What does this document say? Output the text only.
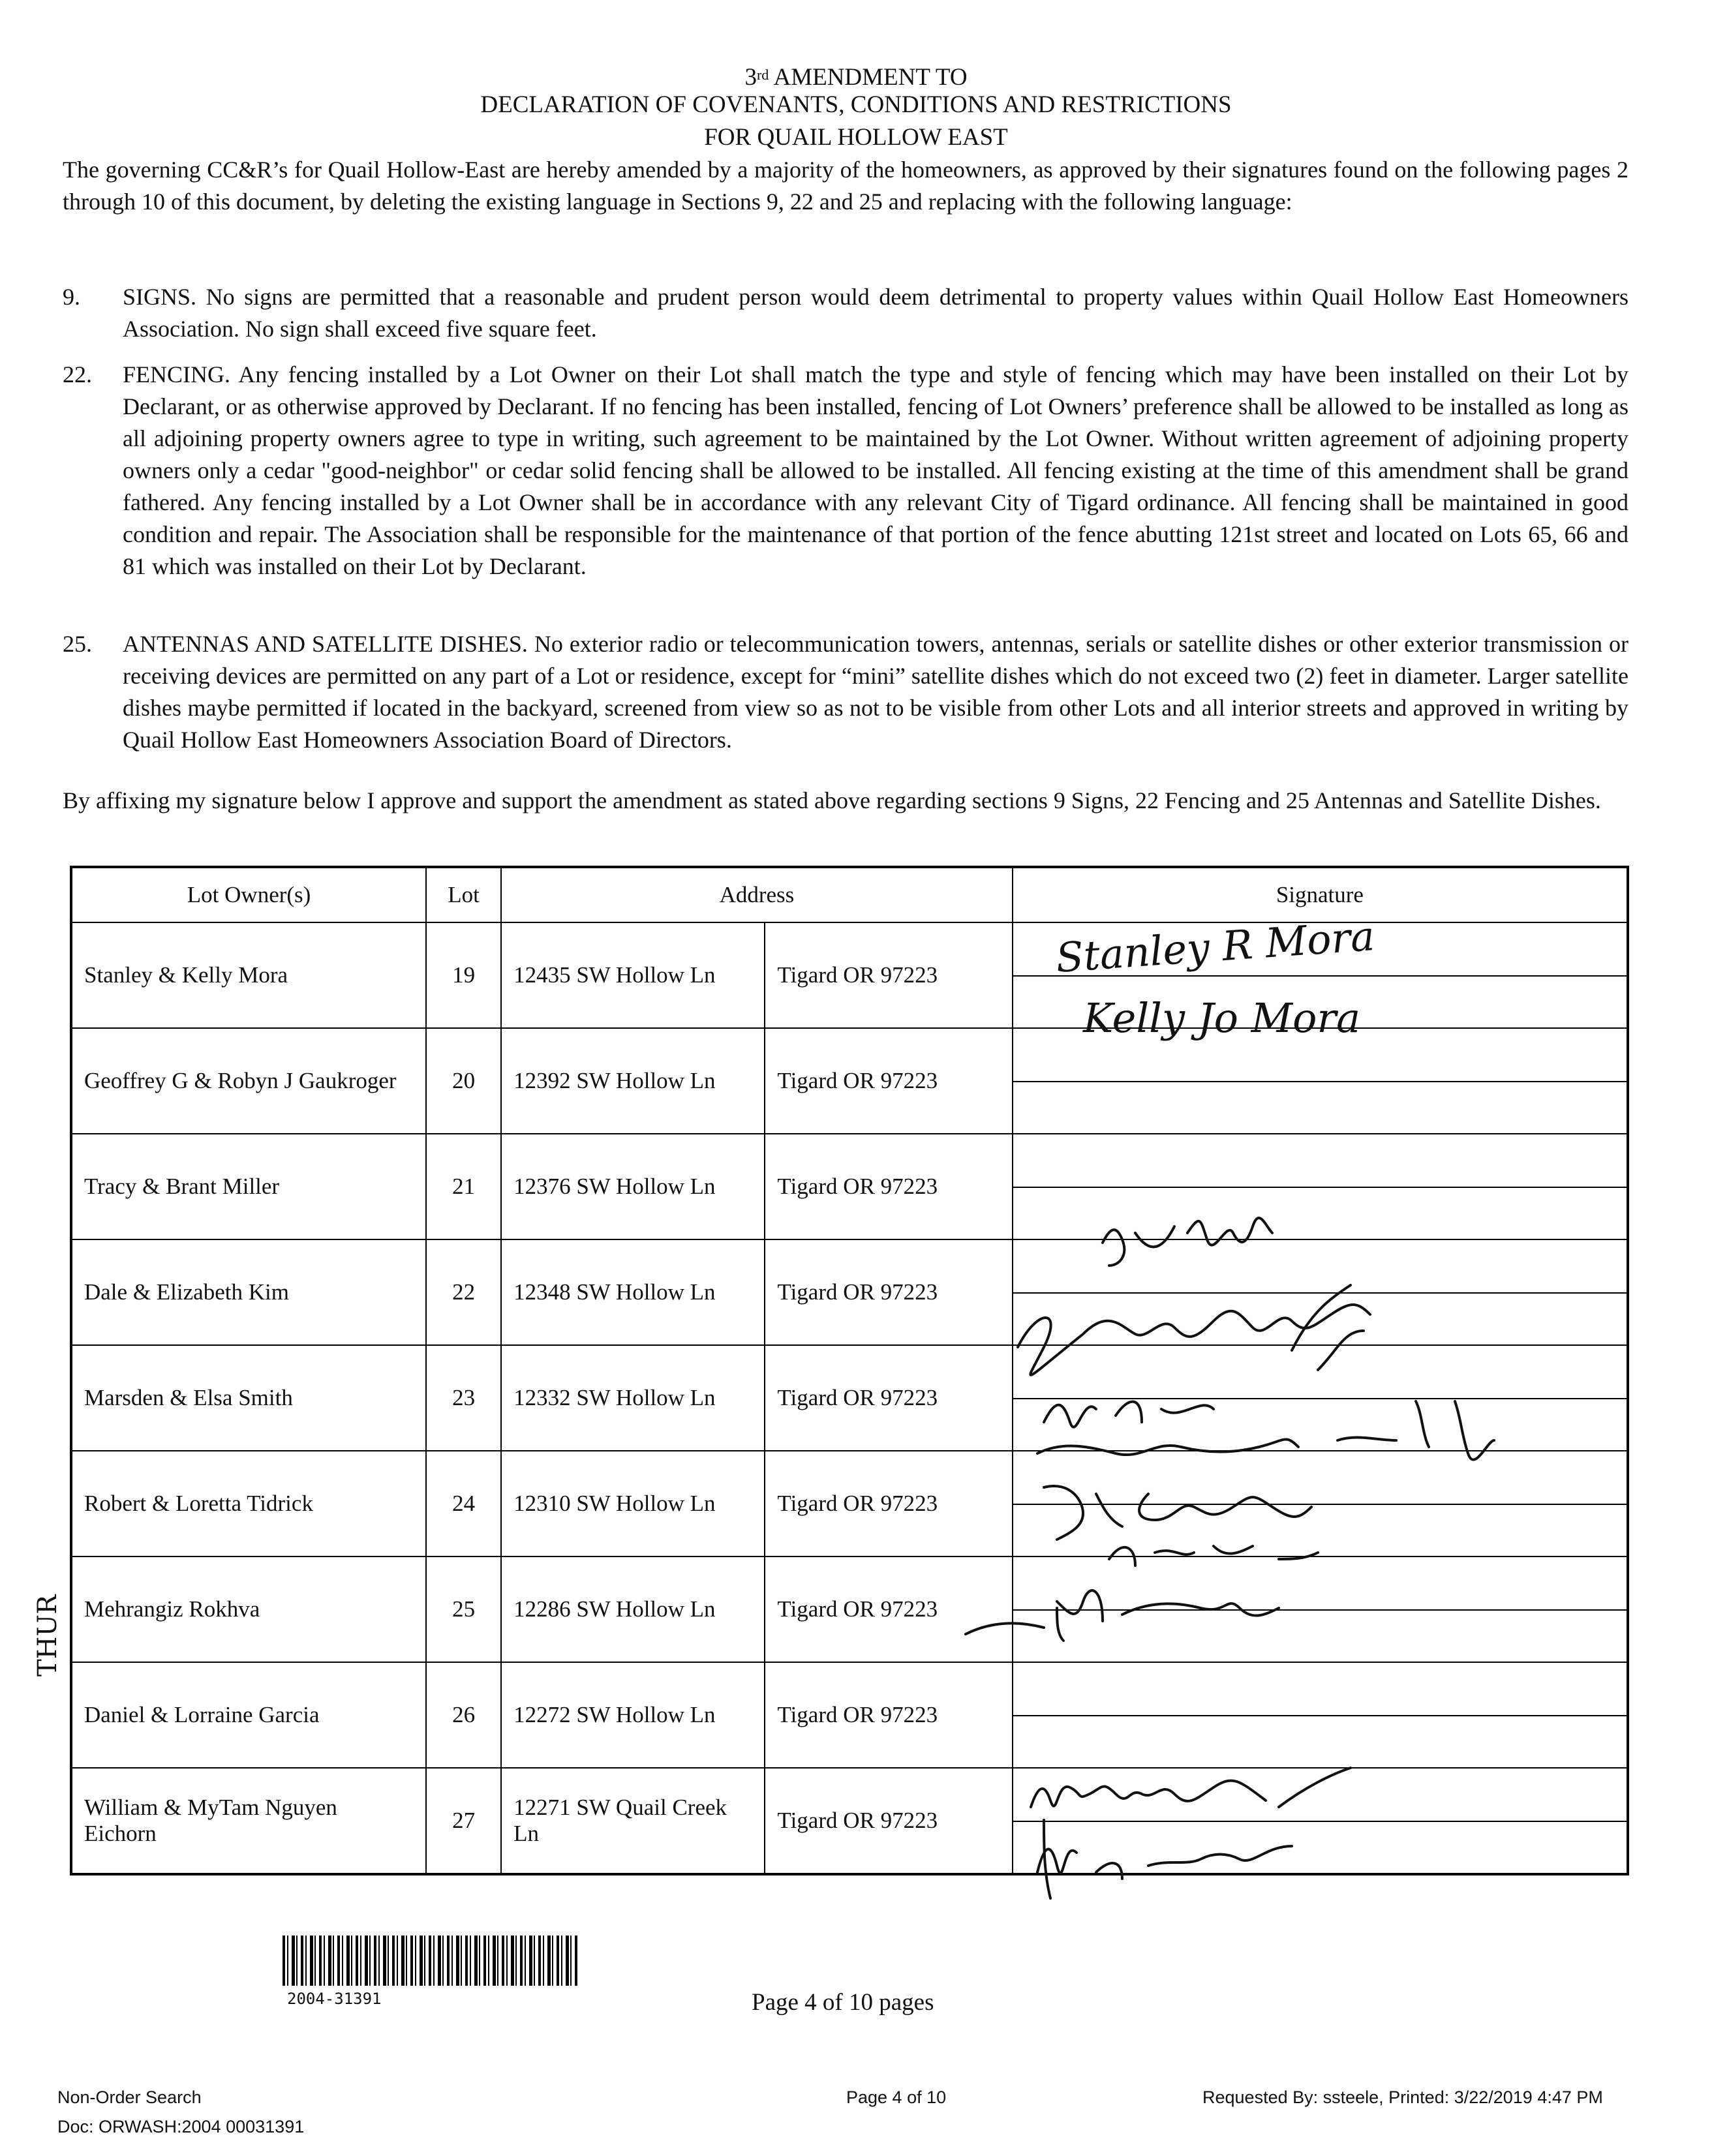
3rd AMENDMENT TO
DECLARATION OF COVENANTS, CONDITIONS AND RESTRICTIONS
FOR QUAIL HOLLOW EAST
The governing CC&R’s for Quail Hollow-East are hereby amended by a majority of the homeowners, as approved by their signatures found on the following pages 2 through 10 of this document, by deleting the existing language in Sections 9, 22 and 25 and replacing with the following language:
9. SIGNS. No signs are permitted that a reasonable and prudent person would deem detrimental to property values within Quail Hollow East Homeowners Association. No sign shall exceed five square feet.
22. FENCING. Any fencing installed by a Lot Owner on their Lot shall match the type and style of fencing which may have been installed on their Lot by Declarant, or as otherwise approved by Declarant. If no fencing has been installed, fencing of Lot Owners’ preference shall be allowed to be installed as long as all adjoining property owners agree to type in writing, such agreement to be maintained by the Lot Owner. Without written agreement of adjoining property owners only a cedar "good-neighbor" or cedar solid fencing shall be allowed to be installed. All fencing existing at the time of this amendment shall be grand fathered. Any fencing installed by a Lot Owner shall be in accordance with any relevant City of Tigard ordinance. All fencing shall be maintained in good condition and repair. The Association shall be responsible for the maintenance of that portion of the fence abutting 121st street and located on Lots 65, 66 and 81 which was installed on their Lot by Declarant.
25. ANTENNAS AND SATELLITE DISHES. No exterior radio or telecommunication towers, antennas, serials or satellite dishes or other exterior transmission or receiving devices are permitted on any part of a Lot or residence, except for “mini” satellite dishes which do not exceed two (2) feet in diameter. Larger satellite dishes maybe permitted if located in the backyard, screened from view so as not to be visible from other Lots and all interior streets and approved in writing by Quail Hollow East Homeowners Association Board of Directors.
By affixing my signature below I approve and support the amendment as stated above regarding sections 9 Signs, 22 Fencing and 25 Antennas and Satellite Dishes.
Lot Owner(s)	Lot	Address		Signature
Stanley & Kelly Mora	19	12435 SW Hollow Ln	Tigard OR 97223	

Geoffrey G & Robyn J Gaukroger	20	12392 SW Hollow Ln	Tigard OR 97223	

Tracy & Brant Miller	21	12376 SW Hollow Ln	Tigard OR 97223	

Dale & Elizabeth Kim	22	12348 SW Hollow Ln	Tigard OR 97223	

Marsden & Elsa Smith	23	12332 SW Hollow Ln	Tigard OR 97223	

Robert & Loretta Tidrick	24	12310 SW Hollow Ln	Tigard OR 97223	

Mehrangiz Rokhva	25	12286 SW Hollow Ln	Tigard OR 97223	

Daniel & Lorraine Garcia	26	12272 SW Hollow Ln	Tigard OR 97223	

William & MyTam Nguyen Eichorn	27	12271 SW Quail Creek Ln	Tigard OR 97223	
Stanley R Mora
Kelly Jo Mora
THUR
2004-31391	Page 4 of 10 pages
Non-Order Search
Doc: ORWASH:2004 00031391
Page 4 of 10	Requested By: ssteele, Printed: 3/22/2019 4:47 PM
